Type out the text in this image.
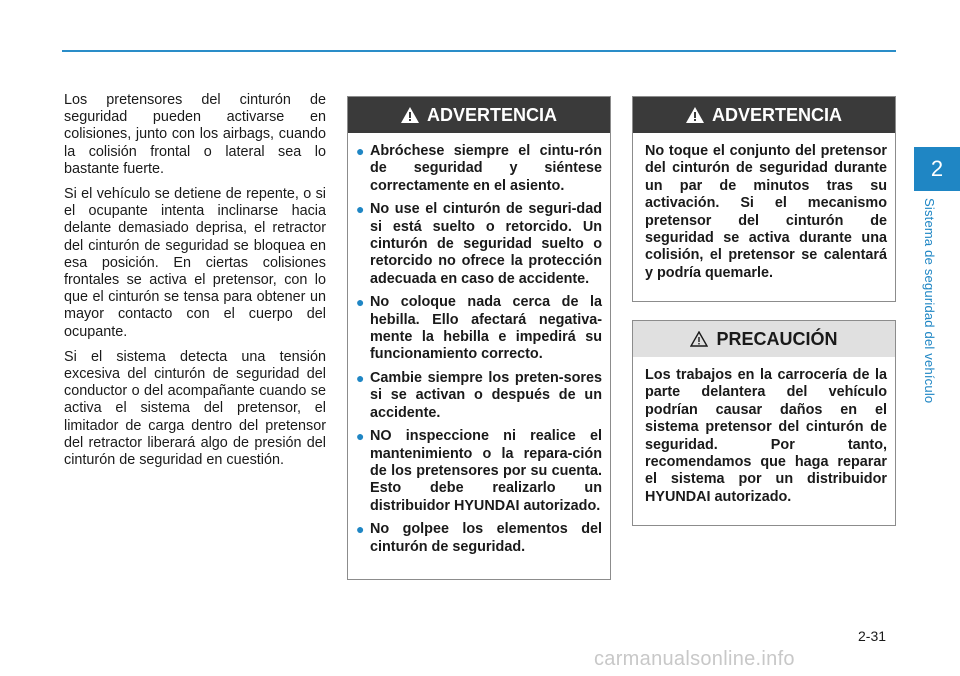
2
Sistema de seguridad del vehículo

Los pretensores del cinturón de seguridad pueden activarse en colisiones, junto con los airbags, cuando la colisión frontal o lateral sea lo bastante fuerte.

Si el vehículo se detiene de repente, o si el ocupante intenta inclinarse hacia delante demasiado deprisa, el retractor del cinturón de seguridad se bloquea en esa posición. En ciertas colisiones frontales se activa el pretensor, con lo que el cinturón se tensa para obtener un mayor contacto con el cuerpo del ocupante.

Si el sistema detecta una tensión excesiva del cinturón de seguridad del conductor o del acompañante cuando se activa el sistema del pretensor, el limitador de carga dentro del pretensor del retractor liberará algo de presión del cinturón de seguridad en cuestión.

ADVERTENCIA
● Abróchese siempre el cintu-rón de seguridad y siéntese correctamente en el asiento.
● No use el cinturón de seguri-dad si está suelto o retorcido. Un cinturón de seguridad suelto o retorcido no ofrece la protección adecuada en caso de accidente.
● No coloque nada cerca de la hebilla. Ello afectará negativa-mente la hebilla e impedirá su funcionamiento correcto.
● Cambie siempre los preten-sores si se activan o después de un accidente.
● NO inspeccione ni realice el mantenimiento o la repara-ción de los pretensores por su cuenta. Esto debe realizarlo un distribuidor HYUNDAI autorizado.
● No golpee los elementos del cinturón de seguridad.
ADVERTENCIA
No toque el conjunto del pretensor del cinturón de seguridad durante un par de minutos tras su activación. Si el mecanismo pretensor del cinturón de seguridad se activa durante una colisión, el pretensor se calentará y podría quemarle.
PRECAUCIÓN
Los trabajos en la carrocería de la parte delantera del vehículo podrían causar daños en el sistema pretensor del cinturón de seguridad. Por tanto, recomendamos que haga reparar el sistema por un distribuidor HYUNDAI autorizado.
2-31
carmanualsonline.info
